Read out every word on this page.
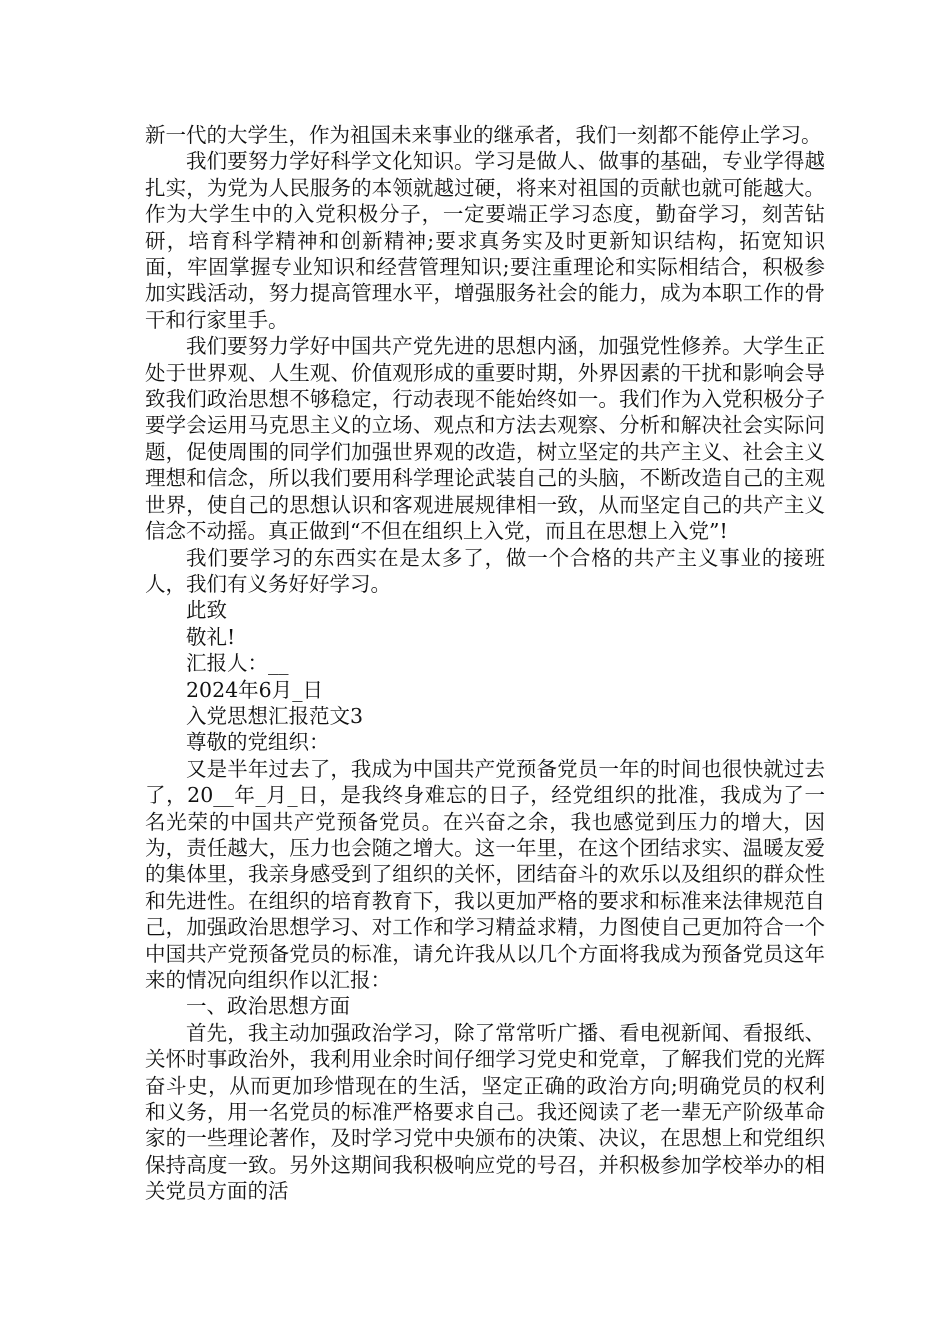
新一代的大学生，作为祖国未来事业的继承者，我们一刻都不能停止学习。

我们要努力学好科学文化知识。学习是做人、做事的基础，专业学得越扎实，为党为人民服务的本领就越过硬，将来对祖国的贡献也就可能越大。作为大学生中的入党积极分子，一定要端正学习态度，勤奋学习，刻苦钻研，培育科学精神和创新精神;要求真务实及时更新知识结构，拓宽知识面，牢固掌握专业知识和经营管理知识;要注重理论和实际相结合，积极参加实践活动，努力提高管理水平，增强服务社会的能力，成为本职工作的骨干和行家里手。

我们要努力学好中国共产党先进的思想内涵，加强党性修养。大学生正处于世界观、人生观、价值观形成的重要时期，外界因素的干扰和影响会导致我们政治思想不够稳定，行动表现不能始终如一。我们作为入党积极分子要学会运用马克思主义的立场、观点和方法去观察、分析和解决社会实际问题，促使周围的同学们加强世界观的改造，树立坚定的共产主义、社会主义理想和信念，所以我们要用科学理论武装自己的头脑，不断改造自己的主观世界，使自己的思想认识和客观进展规律相一致，从而坚定自己的共产主义信念不动摇。真正做到“不但在组织上入党，而且在思想上入党”!

我们要学习的东西实在是太多了，做一个合格的共产主义事业的接班人，我们有义务好好学习。

此致

敬礼!

汇报人：__

2024年6月_日

入党思想汇报范文3

尊敬的党组织：

又是半年过去了，我成为中国共产党预备党员一年的时间也很快就过去了，20__年_月_日，是我终身难忘的日子，经党组织的批准，我成为了一名光荣的中国共产党预备党员。在兴奋之余，我也感觉到压力的增大，因为，责任越大，压力也会随之增大。这一年里，在这个团结求实、温暖友爱的集体里，我亲身感受到了组织的关怀，团结奋斗的欢乐以及组织的群众性和先进性。在组织的培育教育下，我以更加严格的要求和标准来法律规范自己，加强政治思想学习、对工作和学习精益求精，力图使自己更加符合一个中国共产党预备党员的标准，请允许我从以几个方面将我成为预备党员这年来的情况向组织作以汇报：

一、政治思想方面

首先，我主动加强政治学习，除了常常听广播、看电视新闻、看报纸、关怀时事政治外，我利用业余时间仔细学习党史和党章，了解我们党的光辉奋斗史，从而更加珍惜现在的生活，坚定正确的政治方向;明确党员的权利和义务，用一名党员的标准严格要求自己。我还阅读了老一辈无产阶级革命家的一些理论著作，及时学习党中央颁布的决策、决议，在思想上和党组织保持高度一致。另外这期间我积极响应党的号召，并积极参加学校举办的相关党员方面的活
